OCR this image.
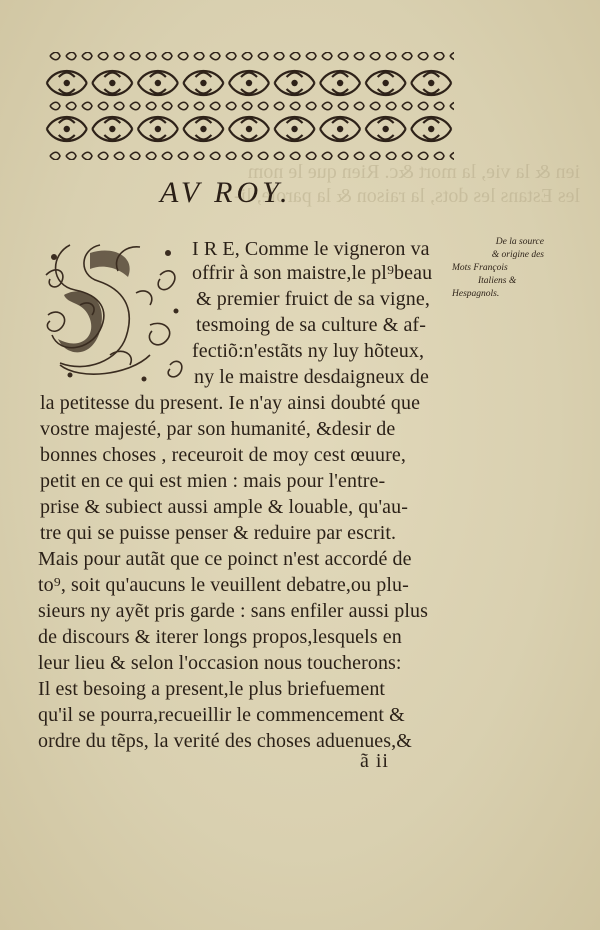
ien & la vie, la mort &c. Rien que le nom
les Estans les dots, la raison & la parole, li-
AV ROY.
De la source
& origine des
Mots François
Italiens &
Hespagnols.
I R E, Comme le vigneron va
offrir à son maistre,le pl⁹beau
& premier fruict de sa vigne,
tesmoing de sa culture & af-
fectiõ:n'estãts ny luy hõteux,
ny le maistre desdaigneux de
la petitesse du present. Ie n'ay ainsi doubté que
vostre majesté, par son humanité, &desir de
bonnes choses , receuroit de moy cest œuure,
petit en ce qui est mien : mais pour l'entre-
prise & subiect aussi ample & louable, qu'au-
tre qui se puisse penser & reduire par escrit.
Mais pour autãt que ce poinct n'est accordé de
to⁹, soit qu'aucuns le veuillent debatre,ou plu-
sieurs ny ayẽt pris garde : sans enfiler aussi plus
de discours & iterer longs propos,lesquels en
leur lieu & selon l'occasion nous toucherons:
Il est besoing a present,le plus briefuement
qu'il se pourra,recueillir le commencement &
ordre du tẽps, la verité des choses aduenues,&
ã ii
